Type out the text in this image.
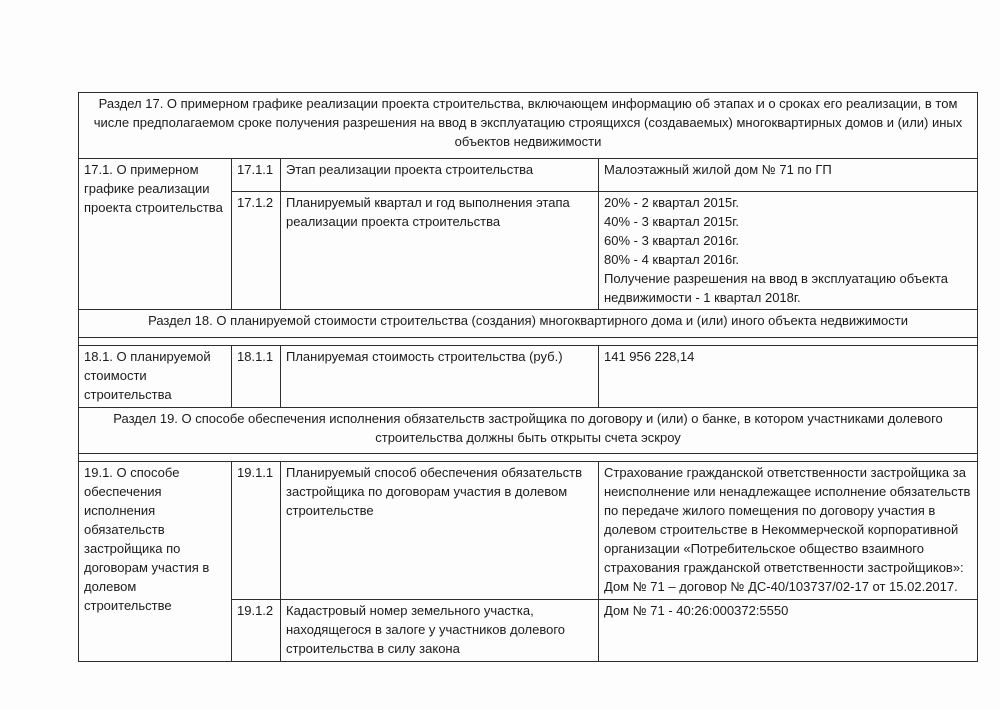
Раздел 17. О примерном графике реализации проекта строительства, включающем информацию об этапах и о сроках его реализации, в том числе предполагаемом сроке получения разрешения на ввод в эксплуатацию строящихся (создаваемых) многоквартирных домов и (или) иных объектов недвижимости			
17.1. О примерном графике реализации проекта строительства	17.1.1	Этап реализации проекта строительства	Малоэтажный жилой дом № 71 по ГП

	17.1.2	Планируемый квартал и год выполнения этапа реализации проекта строительства	20% - 2 квартал 2015г.
40% - 3 квартал 2015г.
60% - 3 квартал 2016г.
80% - 4 квартал 2016г.
Получение разрешения на ввод в эксплуатацию объекта недвижимости - 1 квартал 2018г.

Раздел 18. О планируемой стоимости строительства (создания) многоквартирного дома и (или) иного объекта недвижимости			

18.1. О планируемой стоимости строительства	18.1.1	Планируемая стоимость строительства (руб.)	141 956 228,14

Раздел 19. О способе обеспечения исполнения обязательств застройщика по договору и (или) о банке, в котором участниками долевого строительства должны быть открыты счета эскроу			

19.1. О способе обеспечения исполнения обязательств застройщика по договорам участия в долевом строительстве	19.1.1	Планируемый способ обеспечения обязательств застройщика по договорам участия в долевом строительстве	Страхование гражданской ответственности застройщика за неисполнение или ненадлежащее исполнение обязательств по передаче жилого помещения по договору участия в долевом строительстве в Некоммерческой корпоративной организации «Потребительское общество взаимного страхования гражданской ответственности застройщиков»: Дом № 71 – договор № ДС-40/103737/02-17 от 15.02.2017.

	19.1.2	Кадастровый номер земельного участка, находящегося в залоге у участников долевого строительства в силу закона	Дом № 71 - 40:26:000372:5550
